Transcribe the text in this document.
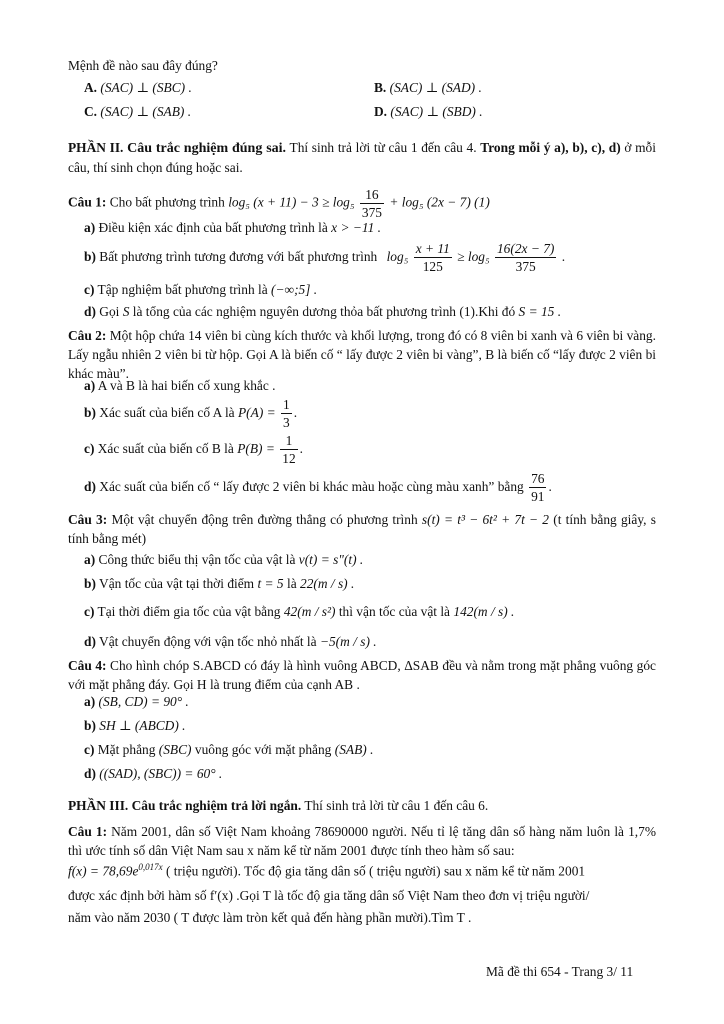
Mệnh đề nào sau đây đúng?
A. (SAC) ⊥ (SBC) .	B. (SAC) ⊥ (SAD) .
C. (SAC) ⊥ (SAB) .	D. (SAC) ⊥ (SBD) .
PHẦN II. Câu trắc nghiệm đúng sai. Thí sinh trả lời từ câu 1 đến câu 4. Trong mỗi ý a), b), c), d) ở mỗi câu, thí sinh chọn đúng hoặc sai.
Câu 1: Cho bất phương trình log₅ $(x + 11) - 3 \ge \log_5 \frac{16}{375} + \log_5$ (2x − 7) (1)
a) Điều kiện xác định của bất phương trình là x > −11 .
b) Bất phương trình tương đương với bất phương trình $\log_5 \frac{x + 11}{125} \ge \log_5 \frac{16(2x - 7)}{375}$ .
c) Tập nghiệm bất phương trình là (−∞;5] .
d) Gọi S là tổng của các nghiệm nguyên dương thỏa bất phương trình (1).Khi đó S = 15 .
Câu 2: Một hộp chứa 14 viên bi cùng kích thước và khối lượng, trong đó có 8 viên bi xanh và 6 viên bi vàng. Lấy ngẫu nhiên 2 viên bi từ hộp. Gọi A là biến cố “ lấy được 2 viên bi vàng”, B là biến cố “lấy được 2 viên bi khác màu”.
a) A và B là hai biến cố xung khắc .
b) Xác suất của biến cố A là $P(A) = \frac{1}{3}$ .
c) Xác suất của biến cố B là $P(B) = \frac{1}{12}$ .
d) Xác suất của biến cố “ lấy được 2 viên bi khác màu hoặc cùng màu xanh” bằng $\frac{76}{91}$ .
Câu 3: Một vật chuyển động trên đường thẳng có phương trình s(t) = t³ − 6t² + 7t − 2 (t tính bằng giây, s tính bằng mét)
a) Công thức biểu thị vận tốc của vật là v(t) = s"(t) .
b) Vận tốc của vật tại thời điểm t = 5 là 22(m / s) .
c) Tại thời điểm gia tốc của vật bằng 42(m / s²) thì vận tốc của vật là 142(m / s) .
d) Vật chuyển động với vận tốc nhỏ nhất là −5(m / s) .
Câu 4: Cho hình chóp S.ABCD có đáy là hình vuông ABCD, ΔSAB đều và nằm trong mặt phẳng vuông góc với mặt phẳng đáy. Gọi H là trung điểm của cạnh AB .
a) (SB, CD) = 90° .
b) SH ⊥ (ABCD) .
c) Mặt phẳng (SBC) vuông góc với mặt phẳng (SAB) .
d) ((SAD), (SBC)) = 60° .
PHẦN III. Câu trắc nghiệm trả lời ngắn. Thí sinh trả lời từ câu 1 đến câu 6.
Câu 1: Năm 2001, dân số Việt Nam khoảng 78690000 người. Nếu tỉ lệ tăng dân số hàng năm luôn là 1,7% thì ước tính số dân Việt Nam sau x năm kể từ năm 2001 được tính theo hàm số sau:
$f(x) = 78,69e^{0,017x}$ ( triệu người). Tốc độ gia tăng dân số ( triệu người) sau x năm kể từ năm 2001
được xác định bởi hàm số f′(x) .Gọi T là tốc độ gia tăng dân số Việt Nam theo đơn vị triệu người/
năm vào năm 2030 ( T được làm tròn kết quả đến hàng phần mười).Tìm T .
Mã đề thi 654 - Trang 3/ 11
